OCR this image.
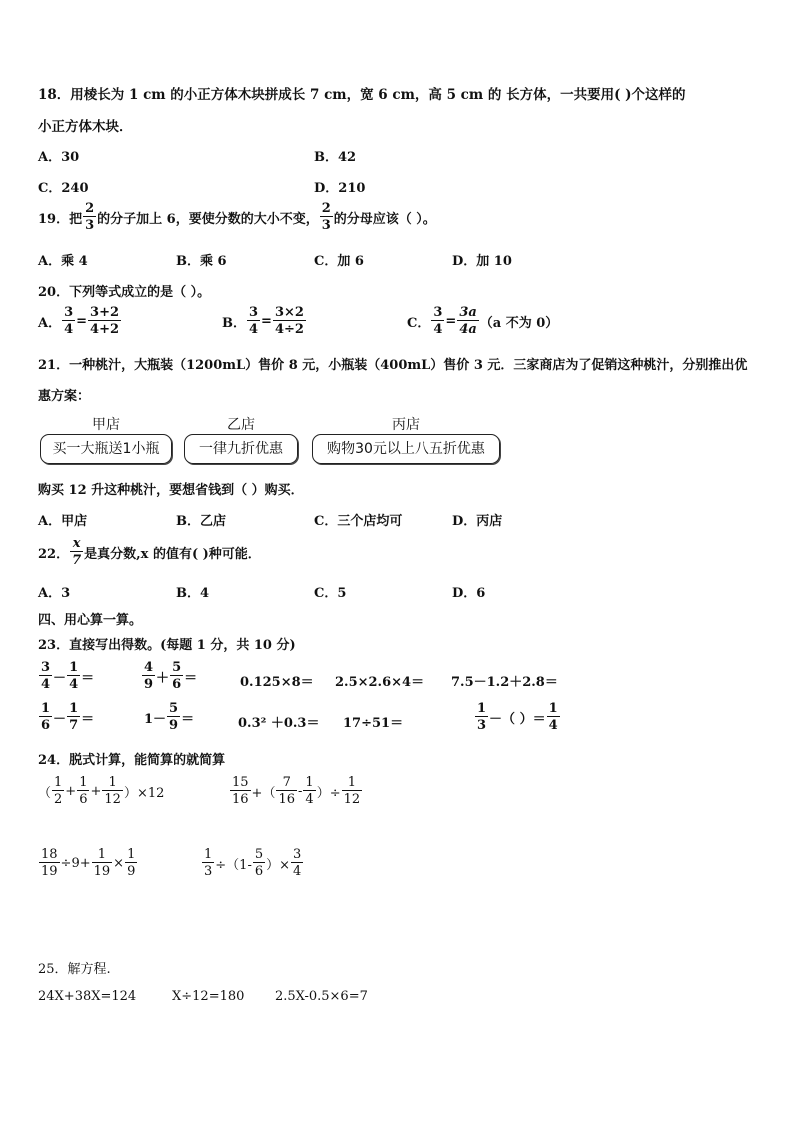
18．用棱长为 1 cm 的小正方体木块拼成长 7 cm，宽 6 cm，高 5 cm 的 长方体，一共要用( )个这样的
小正方体木块．
A．30	B．42
C．240	D．210
19．把 $\frac{2}{3}$ 的分子加上 6，要使分数的大小不变， $\frac{2}{3}$ 的分母应该（ ）。
A．乘 4	B．乘 6	C．加 6	D．加 10
20．下列等式成立的是（ ）。
A． $\frac{3}{4} = \frac{3+2}{4+2}$	B． $\frac{3}{4} = \frac{3\times 2}{4\div 2}$	C． $\frac{3}{4} = \frac{3a}{4a} (a$ 不为 0）
21．一种桃汁，大瓶装（1200mL）售价 8 元，小瓶装（400mL）售价 3 元．三家商店为了促销这种桃汁，分别推出优
惠方案：
甲店	乙店	丙店
买一大瓶送1小瓶	一律九折优惠	购物30元以上八五折优惠
购买 12 升这种桃汁，要想省钱到（ ）购买．
A．甲店	B．乙店	C．三个店均可	D．丙店
22． $\frac{x}{7}$ 是真分数,x 的值有( )种可能．
A．3	B．4	C．5	D．6
四、用心算一算。
23．直接写出得数。(每题 1 分，共 10 分)
$\frac{3}{4} - \frac{1}{4}$ ＝	$\frac{4}{9} + \frac{5}{6}$ ＝	0.125×8＝ 2.5×2.6×4＝ 7.5－1.2＋2.8＝
$\frac{1}{6} - \frac{1}{7}$ ＝	$1- \frac{5}{9}$ ＝	0.3² ＋0.3＝ 17÷51＝	$\frac{1}{3}$ －（ ）＝ $\frac{1}{4}$
24．脱式计算，能简算的就简算
（ $\frac{1}{2} + \frac{1}{6} + \frac{1}{12} )\times 12$	$\frac{15}{16}$ +（ $\frac{7}{16} - \frac{1}{4}$ ）÷ $\frac{1}{12}$
$\frac{18}{19} \div 9+ \frac{1}{19} \times \frac{1}{9}$	$\frac{1}{3} \div(1- \frac{5}{6}$ ）× $\frac{3}{4}$
25．解方程.
24X+38X=124	X÷12=180 2.5X-0.5×6=7
